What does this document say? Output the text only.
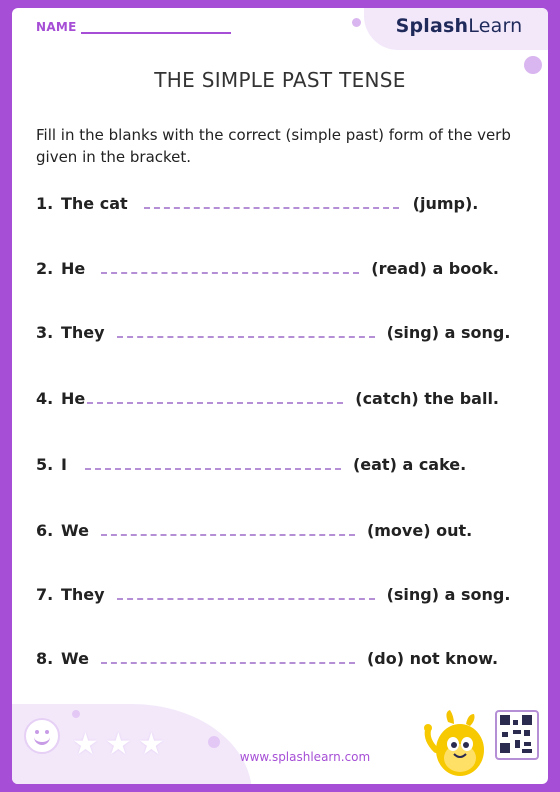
NAME	SplashLearn
THE SIMPLE PAST TENSE
Fill in the blanks with the correct (simple past) form of the verb given in the bracket.
1. The cat	(jump).
2. He	(read) a book.
3. They	(sing) a song.
4. He	(catch) the ball.
5. I	(eat) a cake.
6. We	(move) out.
7. They	(sing) a song.
8. We	(do) not know.
★ ★ ★	www.splashlearn.com
